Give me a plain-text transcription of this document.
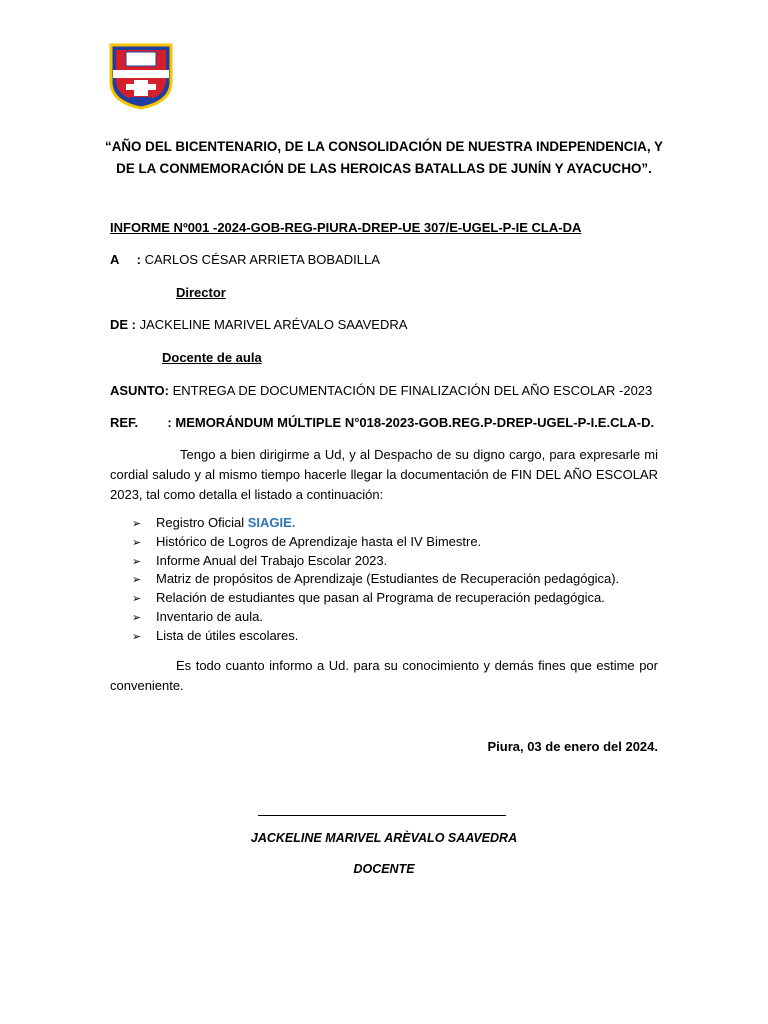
“AÑO DEL BICENTENARIO, DE LA CONSOLIDACIÓN DE NUESTRA INDEPENDENCIA, Y
DE LA CONMEMORACIÓN DE LAS HEROICAS BATALLAS DE JUNÍN Y AYACUCHO”.
INFORME Nº001 -2024-GOB-REG-PIURA-DREP-UE 307/E-UGEL-P-IE CLA-DA
A : CARLOS CÉSAR ARRIETA BOBADILLA
Director
DE : JACKELINE MARIVEL ARÉVALO SAAVEDRA
Docente de aula
ASUNTO: ENTREGA DE DOCUMENTACIÓN DE FINALIZACIÓN DEL AÑO ESCOLAR -2023
REF. : MEMORÁNDUM MÚLTIPLE N°018-2023-GOB.REG.P-DREP-UGEL-P-I.E.CLA-D.
Tengo a bien dirigirme a Ud, y al Despacho de su digno cargo, para expresarle mi cordial saludo y al mismo tiempo hacerle llegar la documentación de FIN DEL AÑO ESCOLAR 2023, tal como detalla el listado a continuación:
➢ Registro Oficial SIAGIE.
➢ Histórico de Logros de Aprendizaje hasta el IV Bimestre.
➢ Informe Anual del Trabajo Escolar 2023.
➢ Matriz de propósitos de Aprendizaje (Estudiantes de Recuperación pedagógica).
➢ Relación de estudiantes que pasan al Programa de recuperación pedagógica.
➢ Inventario de aula.
➢ Lista de útiles escolares.
Es todo cuanto informo a Ud. para su conocimiento y demás fines que estime por conveniente.
Piura, 03 de enero del 2024.
JACKELINE MARIVEL ARÈVALO SAAVEDRA
DOCENTE
